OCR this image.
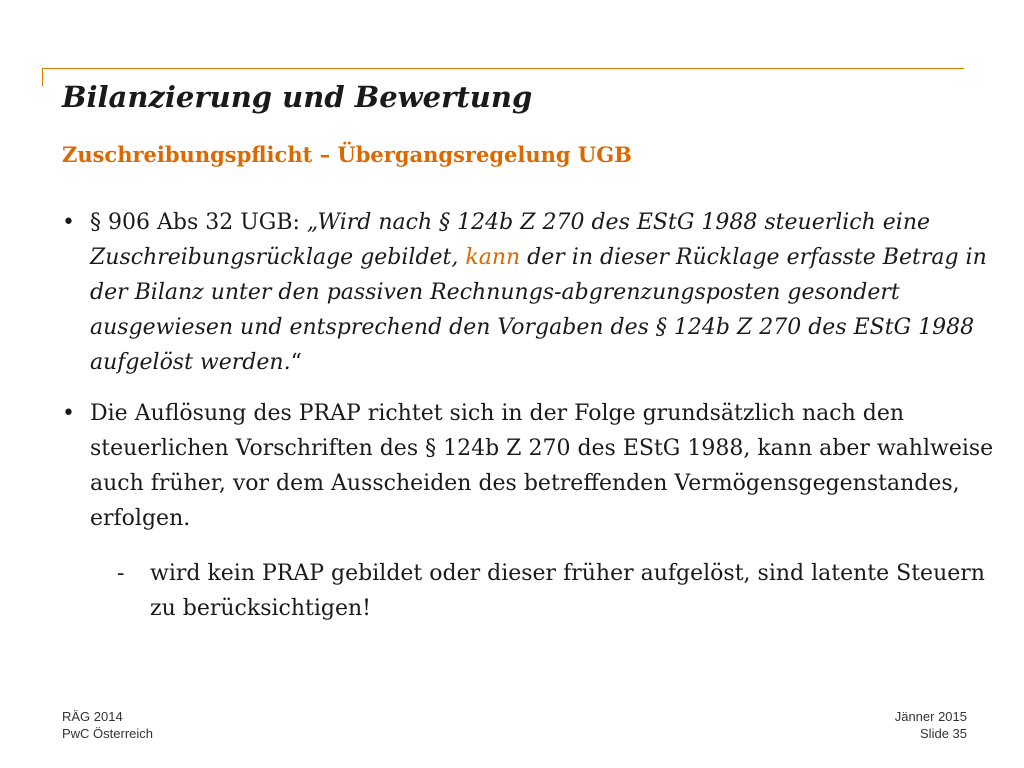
Bilanzierung und Bewertung
Zuschreibungspflicht – Übergangsregelung UGB
• § 906 Abs 32 UGB: „Wird nach § 124b Z 270 des EStG 1988 steuerlich eine Zuschreibungsrücklage gebildet, kann der in dieser Rücklage erfasste Betrag in der Bilanz unter den passiven Rechnungs-abgrenzungsposten gesondert ausgewiesen und entsprechend den Vorgaben des § 124b Z 270 des EStG 1988 aufgelöst werden.“
• Die Auflösung des PRAP richtet sich in der Folge grundsätzlich nach den steuerlichen Vorschriften des § 124b Z 270 des EStG 1988, kann aber wahlweise auch früher, vor dem Ausscheiden des betreffenden Vermögensgegenstandes, erfolgen.
- wird kein PRAP gebildet oder dieser früher aufgelöst, sind latente Steuern zu berücksichtigen!
RÄG 2014
PwC Österreich
Jänner 2015
Slide 35
